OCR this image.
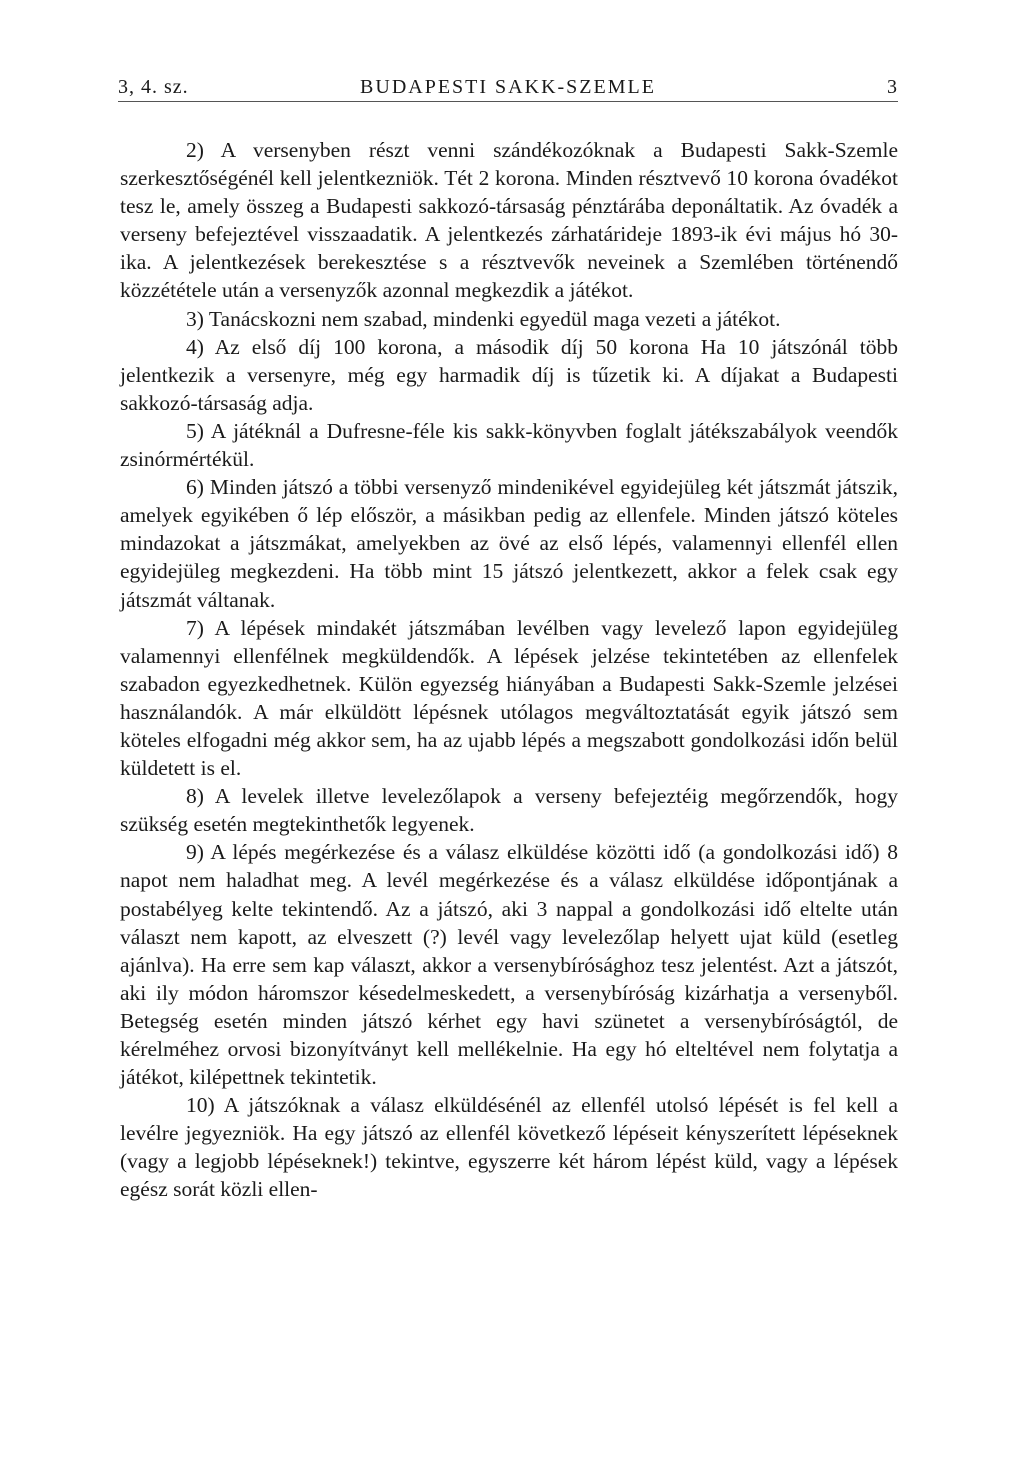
3, 4. sz.	BUDAPESTI SAKK-SZEMLE	3

2) A versenyben részt venni szándékozóknak a Budapesti Sakk-Szemle szerkesztőségénél kell jelentkezniök. Tét 2 korona. Minden résztvevő 10 korona óvadékot tesz le, amely összeg a Budapesti sakkozó-társaság pénztárába deponáltatik. Az óvadék a verseny befejeztével visszaadatik. A jelentkezés zárhatárideje 1893-ik évi május hó 30-ika. A jelentkezések berekesztése s a résztvevők neveinek a Szemlében történendő közzététele után a versenyzők azonnal megkezdik a játékot.

3) Tanácskozni nem szabad, mindenki egyedül maga vezeti a játékot.

4) Az első díj 100 korona, a második díj 50 korona Ha 10 játszónál több jelentkezik a versenyre, még egy harmadik díj is tűzetik ki. A díjakat a Budapesti sakkozó-társaság adja.

5) A játéknál a Dufresne-féle kis sakk-könyvben foglalt játékszabályok veendők zsinórmértékül.

6) Minden játszó a többi versenyző mindenikével egyidejüleg két játszmát játszik, amelyek egyikében ő lép először, a másikban pedig az ellenfele. Minden játszó köteles mindazokat a játszmákat, amelyekben az övé az első lépés, valamennyi ellenfél ellen egyidejüleg megkezdeni. Ha több mint 15 játszó jelentkezett, akkor a felek csak egy játszmát váltanak.

7) A lépések mindakét játszmában levélben vagy levelező lapon egyidejüleg valamennyi ellenfélnek megküldendők. A lépések jelzése tekintetében az ellenfelek szabadon egyezkedhetnek. Külön egyezség hiányában a Budapesti Sakk-Szemle jelzései használandók. A már elküldött lépésnek utólagos megváltoztatását egyik játszó sem köteles elfogadni még akkor sem, ha az ujabb lépés a megszabott gondolkozási időn belül küldetett is el.

8) A levelek illetve levelezőlapok a verseny befejeztéig megőrzendők, hogy szükség esetén megtekinthetők legyenek.

9) A lépés megérkezése és a válasz elküldése közötti idő (a gondolkozási idő) 8 napot nem haladhat meg. A levél megérkezése és a válasz elküldése időpontjának a postabélyeg kelte tekintendő. Az a játszó, aki 3 nappal a gondolkozási idő eltelte után választ nem kapott, az elveszett (?) levél vagy levelezőlap helyett ujat küld (esetleg ajánlva). Ha erre sem kap választ, akkor a versenybírósághoz tesz jelentést. Azt a játszót, aki ily módon háromszor késedelmeskedett, a versenybíróság kizárhatja a versenyből. Betegség esetén minden játszó kérhet egy havi szünetet a versenybíróságtól, de kérelméhez orvosi bizonyítványt kell mellékelnie. Ha egy hó elteltével nem folytatja a játékot, kilépettnek tekintetik.

10) A játszóknak a válasz elküldésénél az ellenfél utolsó lépését is fel kell a levélre jegyezniök. Ha egy játszó az ellenfél következő lépéseit kényszerített lépéseknek (vagy a legjobb lépéseknek!) tekintve, egyszerre két három lépést küld, vagy a lépések egész sorát közli ellen-
